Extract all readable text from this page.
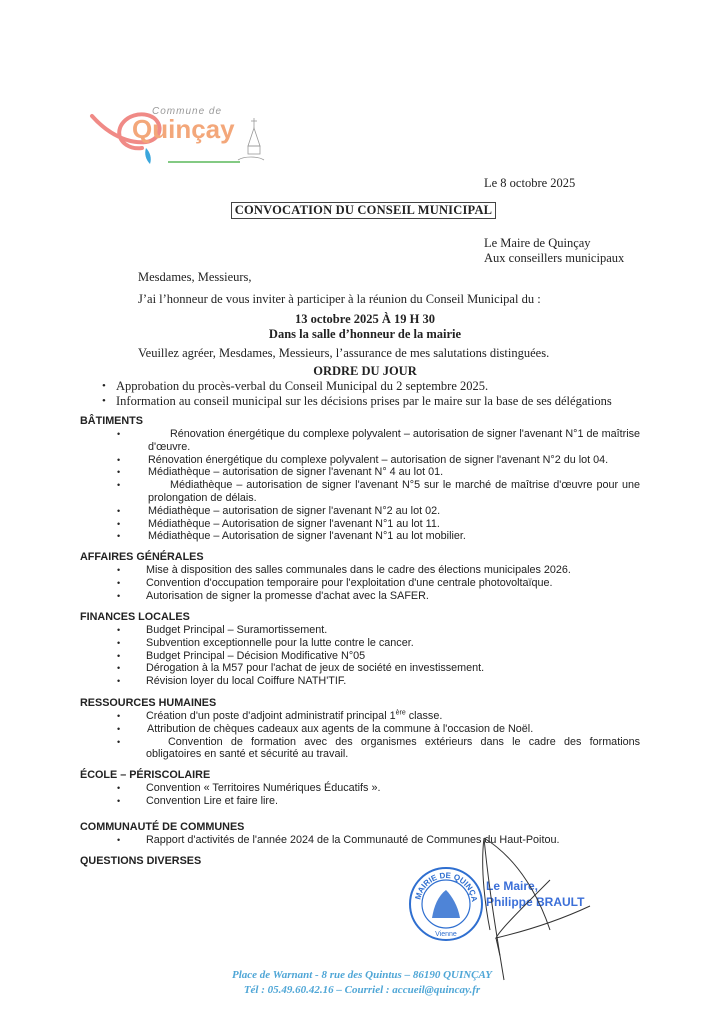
Commune de
Quinçay
Le 8 octobre 2025
CONVOCATION DU CONSEIL MUNICIPAL
Le Maire de Quinçay
Aux conseillers municipaux
Mesdames, Messieurs,
J’ai l’honneur de vous inviter à participer à la réunion du Conseil Municipal du :
13 octobre 2025 À 19 H 30
Dans la salle d’honneur de la mairie
Veuillez agréer, Mesdames, Messieurs, l’assurance de mes salutations distinguées.
ORDRE DU JOUR
• Approbation du procès-verbal du Conseil Municipal du 2 septembre 2025.
• Information au conseil municipal sur les décisions prises par le maire sur la base de ses délégations
BÂTIMENTS
• Rénovation énergétique du complexe polyvalent – autorisation de signer l'avenant N°1 de maîtrise d'œuvre.
• Rénovation énergétique du complexe polyvalent – autorisation de signer l'avenant N°2 du lot 04.
• Médiathèque – autorisation de signer l'avenant N° 4 au lot 01.
• Médiathèque – autorisation de signer l'avenant N°5 sur le marché de maîtrise d'œuvre pour une prolongation de délais.
• Médiathèque – autorisation de signer l'avenant N°2 au lot 02.
• Médiathèque – Autorisation de signer l'avenant N°1 au lot 11.
• Médiathèque – Autorisation de signer l'avenant N°1 au lot mobilier.
AFFAIRES GÉNÉRALES
• Mise à disposition des salles communales dans le cadre des élections municipales 2026.
• Convention d'occupation temporaire pour l'exploitation d'une centrale photovoltaïque.
• Autorisation de signer la promesse d'achat avec la SAFER.
FINANCES LOCALES
• Budget Principal – Suramortissement.
• Subvention exceptionnelle pour la lutte contre le cancer.
• Budget Principal – Décision Modificative N°05
• Dérogation à la M57 pour l'achat de jeux de société en investissement.
• Révision loyer du local Coiffure NATH'TIF.
RESSOURCES HUMAINES
• Création d'un poste d'adjoint administratif principal 1ère classe.
• Attribution de chèques cadeaux aux agents de la commune à l'occasion de Noël.
• Convention de formation avec des organismes extérieurs dans le cadre des formations obligatoires en santé et sécurité au travail.
ÉCOLE – PÉRISCOLAIRE
• Convention « Territoires Numériques Éducatifs ».
• Convention Lire et faire lire.
COMMUNAUTÉ DE COMMUNES
• Rapport d'activités de l'année 2024 de la Communauté de Communes du Haut-Poitou.
QUESTIONS DIVERSES
MAIRIE DE QUINÇA
Vienne
Le Maire,
Philippe BRAULT
Place de Warnant - 8 rue des Quintus – 86190 QUINÇAY
Tél : 05.49.60.42.16 – Courriel : accueil@quincay.fr
